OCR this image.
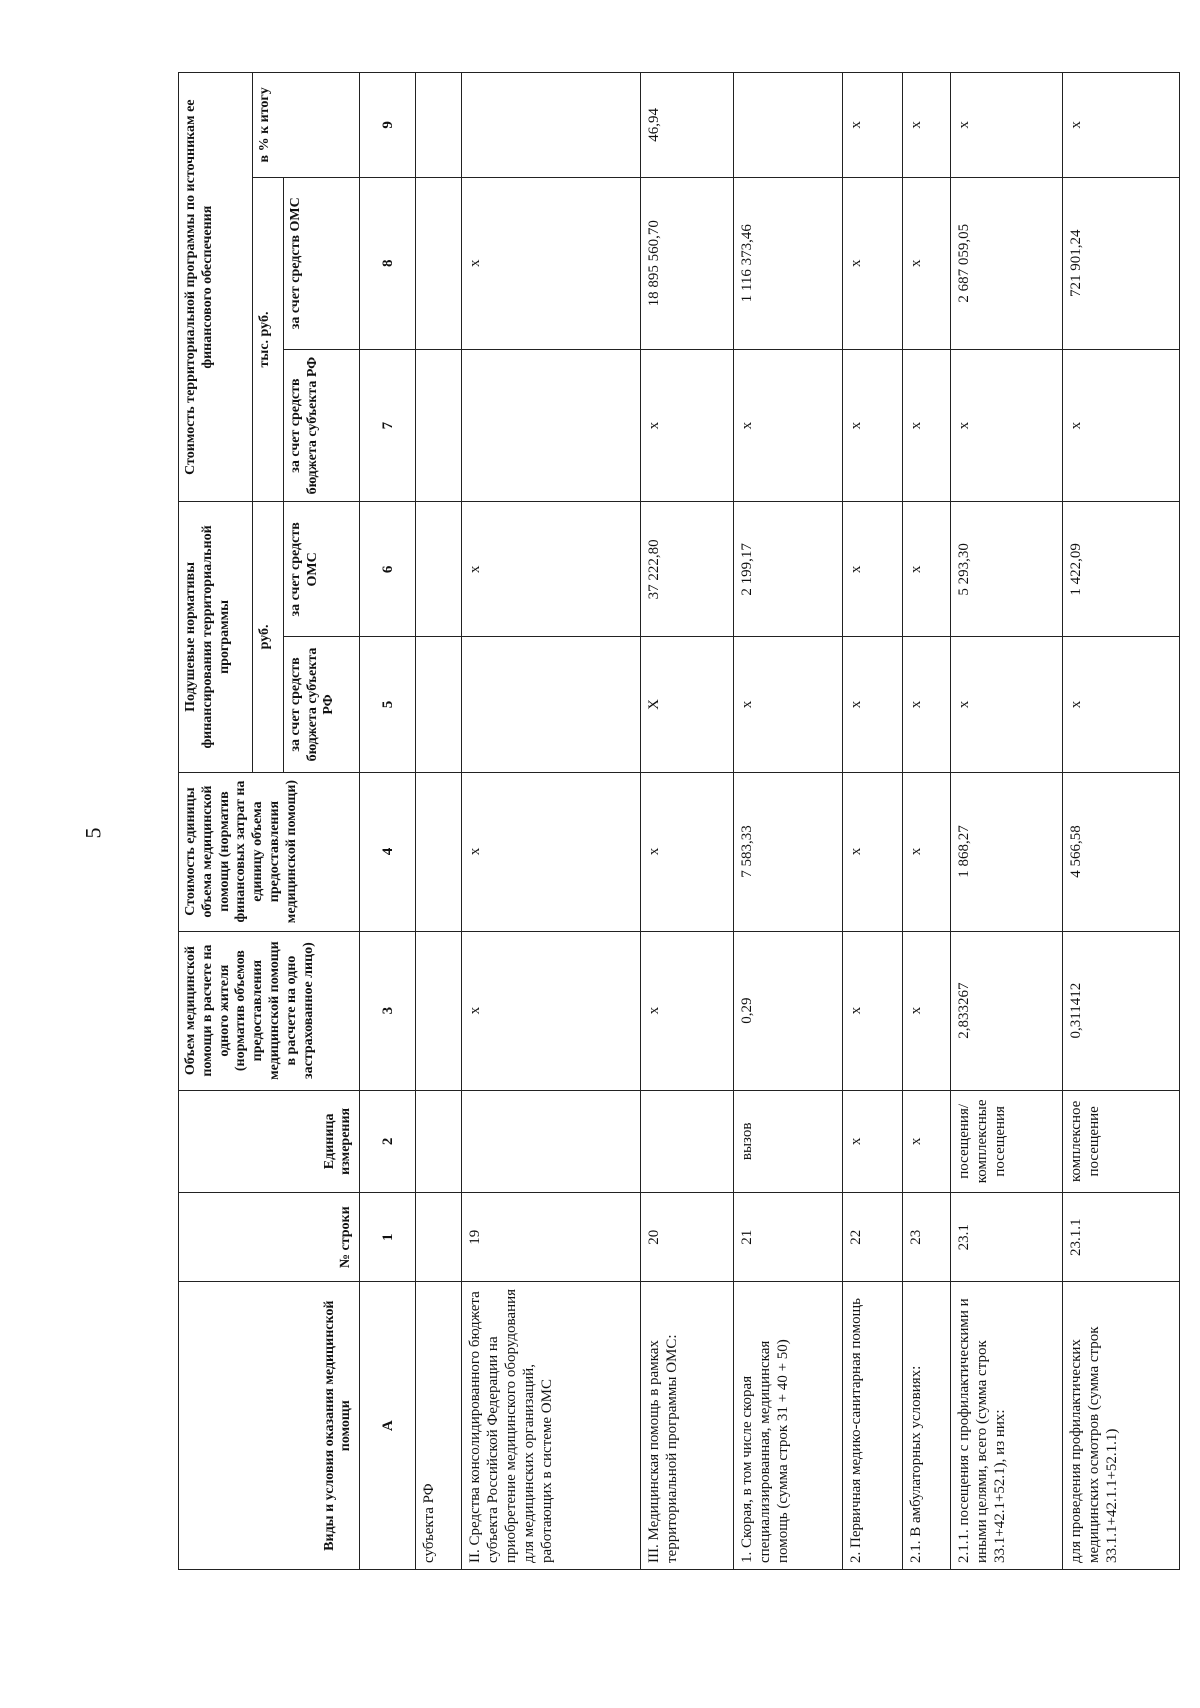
5
Виды и условия оказания медицинской помощи	№ строки	Единица измерения	Объем медицинской помощи в расчете на одного жителя (норматив объемов предоставления медицинской помощи в расчете на одно застрахованное лицо)	Стоимость единицы объема медицинской помощи (норматив финансовых затрат на единицу объема предоставления медицинской помощи)	Подушевые нормативы финансирования территориальной программы		Стоимость территориальной программы по источникам ее финансового обеспечения		
					руб.		тыс. руб.		в % к итогу
					за счет средств бюджета субъекта РФ	за счет средств ОМС	за счет средств бюджета субъекта РФ	за счет средств ОМС	
А	1	2	3	4	5	6	7	8	9
субъекта РФ									
II. Средства консолидированного бюджета субъекта Российской Федерации на приобретение медицинского оборудования для медицинских организаций, работающих в системе ОМС	19		х	х		х		х	
III. Медицинская помощь в рамках территориальной программы ОМС:	20		х	х	Х	37 222,80	х	18 895 560,70	46,94
1. Скорая, в том числе скорая специализированная, медицинская помощь (сумма строк 31 + 40 + 50)	21	вызов	0,29	7 583,33	х	2 199,17	х	1 116 373,46	
2. Первичная медико-санитарная помощь	22	х	х	х	х	х	х	х	х
2.1. В амбулаторных условиях:	23	х	х	х	х	х	х	х	х
2.1.1. посещения с профилактическими и иными целями, всего (сумма строк 33.1+42.1+52.1), из них:	23.1	посещения/комплексные посещения	2,833267	1 868,27	х	5 293,30	х	2 687 059,05	х
для проведения профилактических медицинских осмотров (сумма строк 33.1.1+42.1.1+52.1.1)	23.1.1	комплексное посещение	0,311412	4 566,58	х	1 422,09	х	721 901,24	х
